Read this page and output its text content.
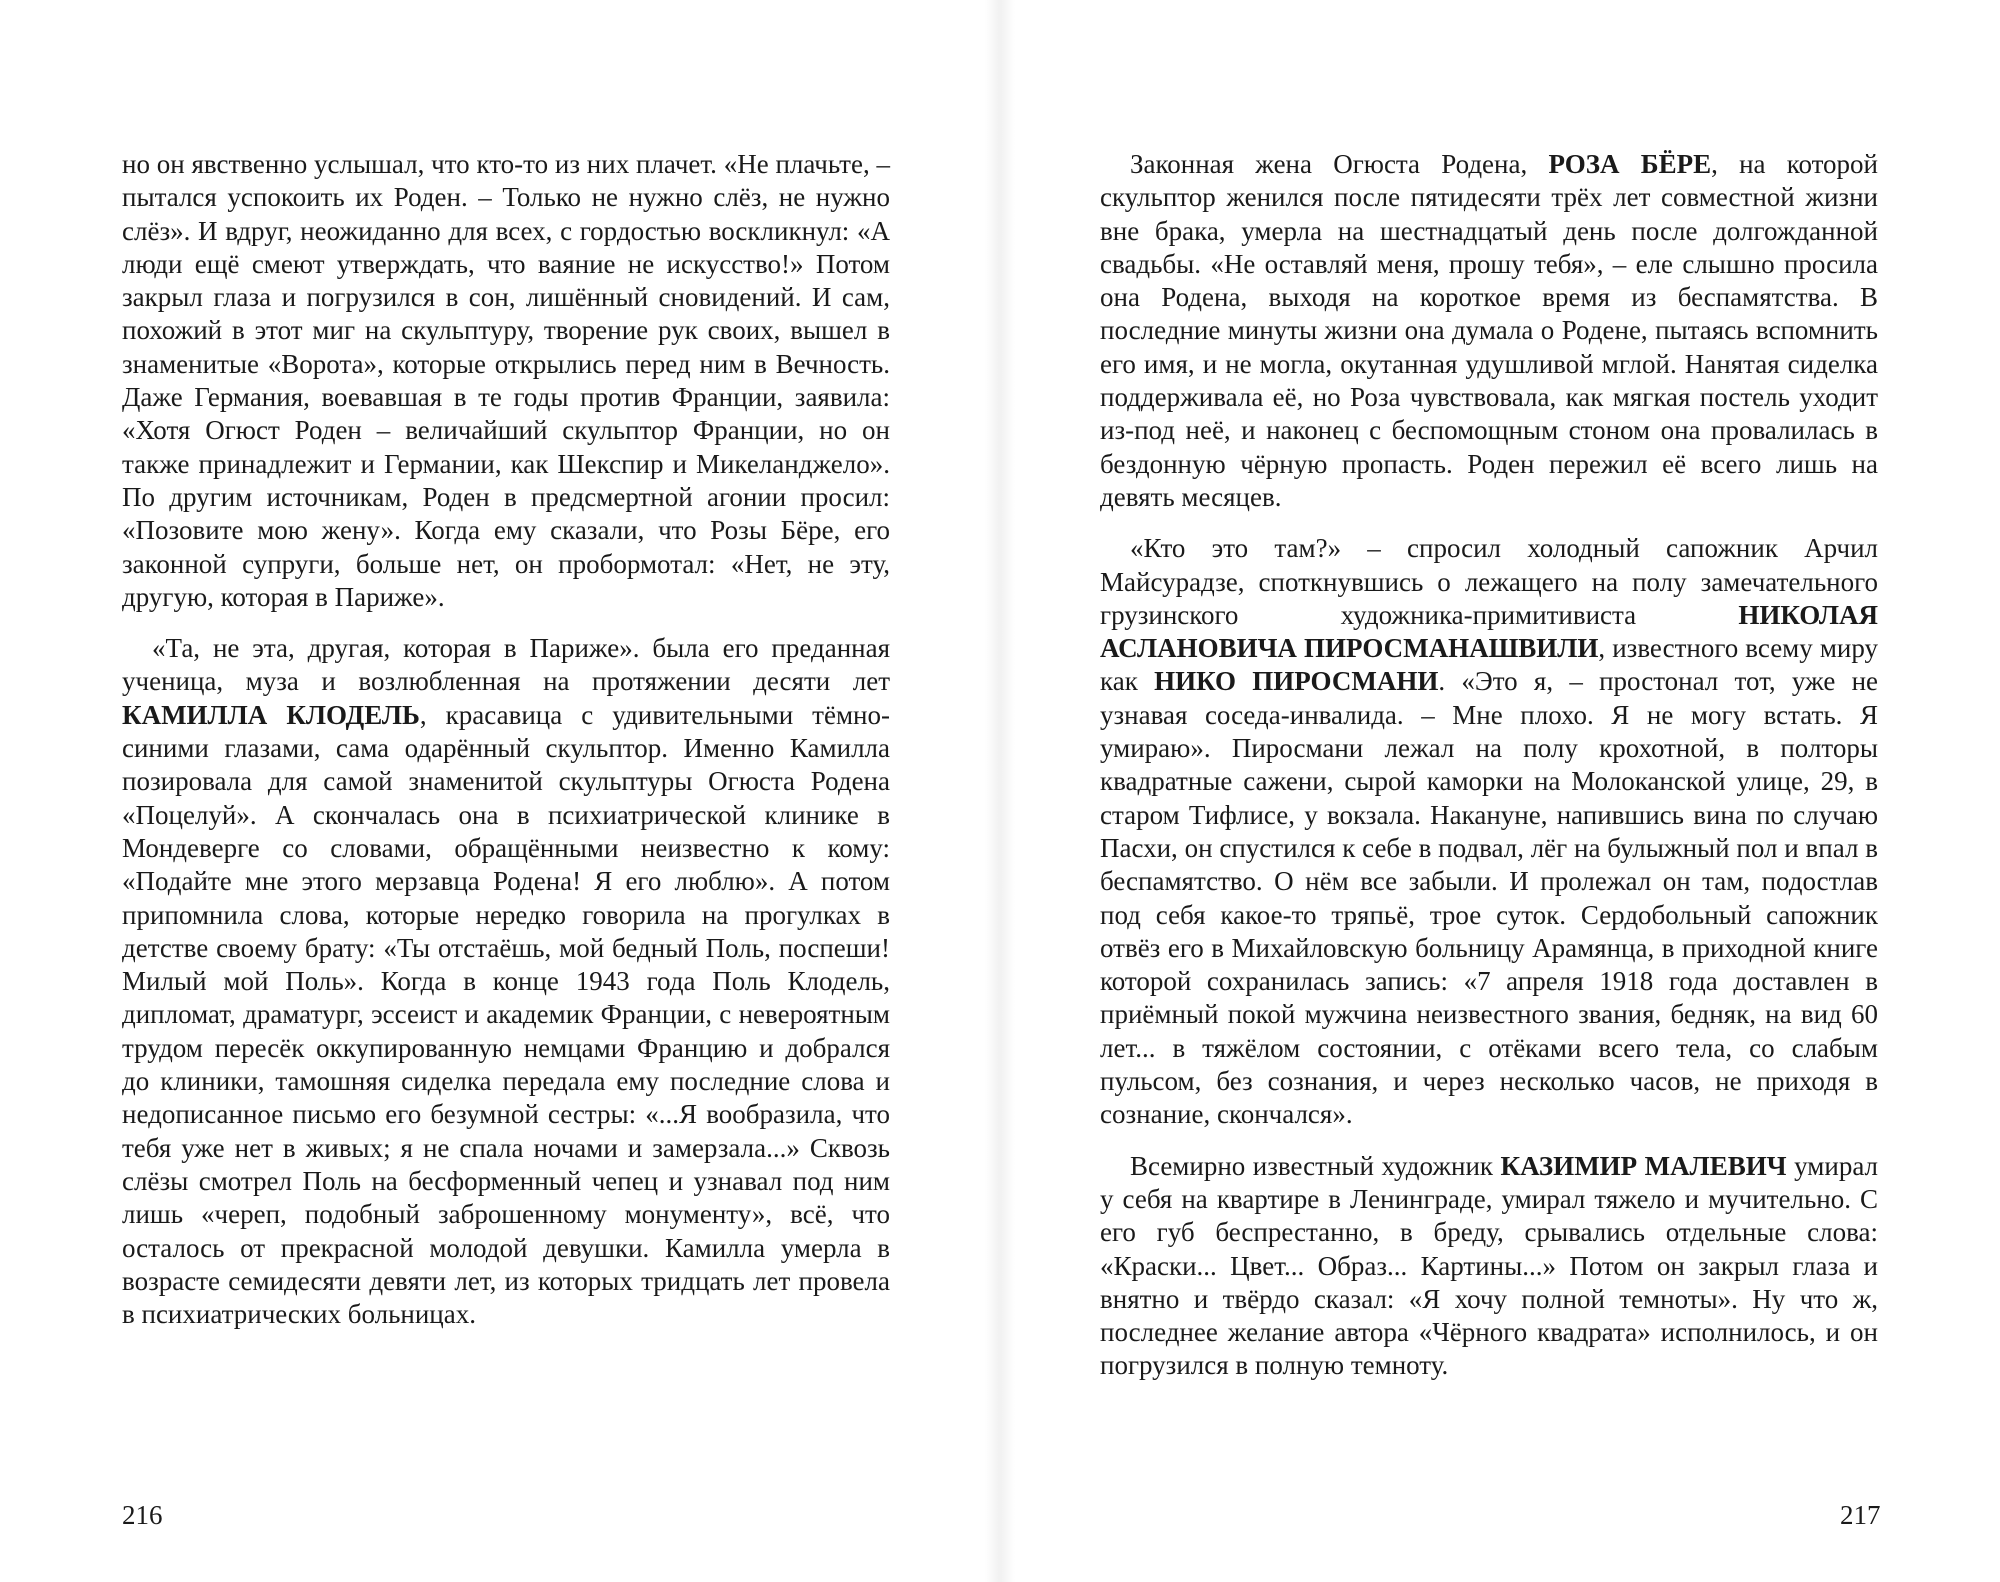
но он явственно услышал, что кто-то из них плачет. «Не плачьте, – пытался успокоить их Роден. – Только не нужно слёз, не нужно слёз». И вдруг, неожиданно для всех, с гордостью воскликнул: «А люди ещё смеют утверждать, что ваяние не искусство!» Потом закрыл глаза и погрузился в сон, лишённый сновидений. И сам, похожий в этот миг на скульптуру, творение рук своих, вышел в знаменитые «Ворота», которые открылись перед ним в Вечность. Даже Германия, воевавшая в те годы против Франции, заявила: «Хотя Огюст Роден – величайший скульптор Франции, но он также принадлежит и Германии, как Шекспир и Микеланджело». По другим источникам, Роден в предсмертной агонии просил: «Позовите мою жену». Когда ему сказали, что Розы Бёре, его законной супруги, больше нет, он пробормотал: «Нет, не эту, другую, которая в Париже».

«Та, не эта, другая, которая в Париже». была его преданная ученица, муза и возлюбленная на протяжении десяти лет КАМИЛЛА КЛОДЕЛЬ, красавица с удивительными тёмно-синими глазами, сама одарённый скульптор. Именно Камилла позировала для самой знаменитой скульптуры Огюста Родена «Поцелуй». А скончалась она в психиатрической клинике в Мондеверге со словами, обращёнными неизвестно к кому: «Подайте мне этого мерзавца Родена! Я его люблю». А потом припомнила слова, которые нередко говорила на прогулках в детстве своему брату: «Ты отстаёшь, мой бедный Поль, поспеши! Милый мой Поль». Когда в конце 1943 года Поль Клодель, дипломат, драматург, эссеист и академик Франции, с невероятным трудом пересёк оккупированную немцами Францию и добрался до клиники, тамошняя сиделка передала ему последние слова и недописанное письмо его безумной сестры: «...Я вообразила, что тебя уже нет в живых; я не спала ночами и замерзала...» Сквозь слёзы смотрел Поль на бесформенный чепец и узнавал под ним лишь «череп, подобный заброшенному монументу», всё, что осталось от прекрасной молодой девушки. Камилла умерла в возрасте семидесяти девяти лет, из которых тридцать лет провела в психиатрических больницах.

216

Законная жена Огюста Родена, РОЗА БЁРЕ, на которой скульптор женился после пятидесяти трёх лет совместной жизни вне брака, умерла на шестнадцатый день после долгожданной свадьбы. «Не оставляй меня, прошу тебя», – еле слышно просила она Родена, выходя на короткое время из беспамятства. В последние минуты жизни она думала о Родене, пытаясь вспомнить его имя, и не могла, окутанная удушливой мглой. Нанятая сиделка поддерживала её, но Роза чувствовала, как мягкая постель уходит из-под неё, и наконец с беспомощным стоном она провалилась в бездонную чёрную пропасть. Роден пережил её всего лишь на девять месяцев.

«Кто это там?» – спросил холодный сапожник Арчил Майсурадзе, споткнувшись о лежащего на полу замечательного грузинского художника-примитивиста НИКОЛАЯ АСЛАНОВИЧА ПИРОСМАНАШВИЛИ, известного всему миру как НИКО ПИРОСМАНИ. «Это я, – простонал тот, уже не узнавая соседа-инвалида. – Мне плохо. Я не могу встать. Я умираю». Пиросмани лежал на полу крохотной, в полторы квадратные сажени, сырой каморки на Молоканской улице, 29, в старом Тифлисе, у вокзала. Накануне, напившись вина по случаю Пасхи, он спустился к себе в подвал, лёг на булыжный пол и впал в беспамятство. О нём все забыли. И пролежал он там, подостлав под себя какое-то тряпьё, трое суток. Сердобольный сапожник отвёз его в Михайловскую больницу Арамянца, в приходной книге которой сохранилась запись: «7 апреля 1918 года доставлен в приёмный покой мужчина неизвестного звания, бедняк, на вид 60 лет... в тяжёлом состоянии, с отёками всего тела, со слабым пульсом, без сознания, и через несколько часов, не приходя в сознание, скончался».

Всемирно известный художник КАЗИМИР МАЛЕВИЧ умирал у себя на квартире в Ленинграде, умирал тяжело и мучительно. С его губ беспрестанно, в бреду, срывались отдельные слова: «Краски... Цвет... Образ... Картины...» Потом он закрыл глаза и внятно и твёрдо сказал: «Я хочу полной темноты». Ну что ж, последнее желание автора «Чёрного квадрата» исполнилось, и он погрузился в полную темноту.

217
